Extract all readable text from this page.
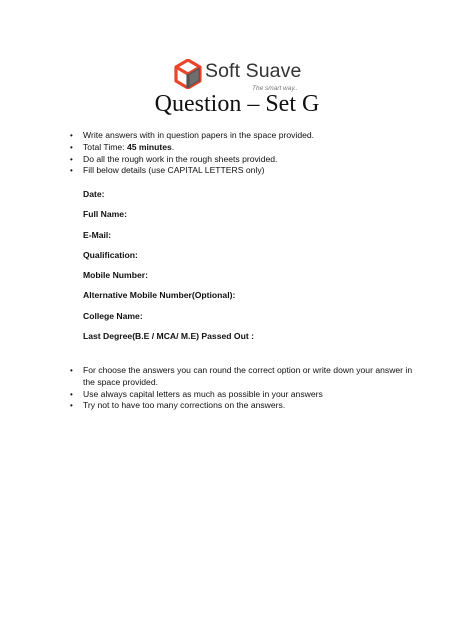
Soft Suave
The smart way..
Question – Set G
• Write answers with in question papers in the space provided.
• Total Time: 45 minutes.
• Do all the rough work in the rough sheets provided.
• Fill below details (use CAPITAL LETTERS only)
Date:
Full Name:
E-Mail:
Qualification:
Mobile Number:
Alternative Mobile Number(Optional):
College Name:
Last Degree(B.E / MCA/ M.E) Passed Out :
• For choose the answers you can round the correct option or write down your answer in the space provided.
• Use always capital letters as much as possible in your answers
• Try not to have too many corrections on the answers.
